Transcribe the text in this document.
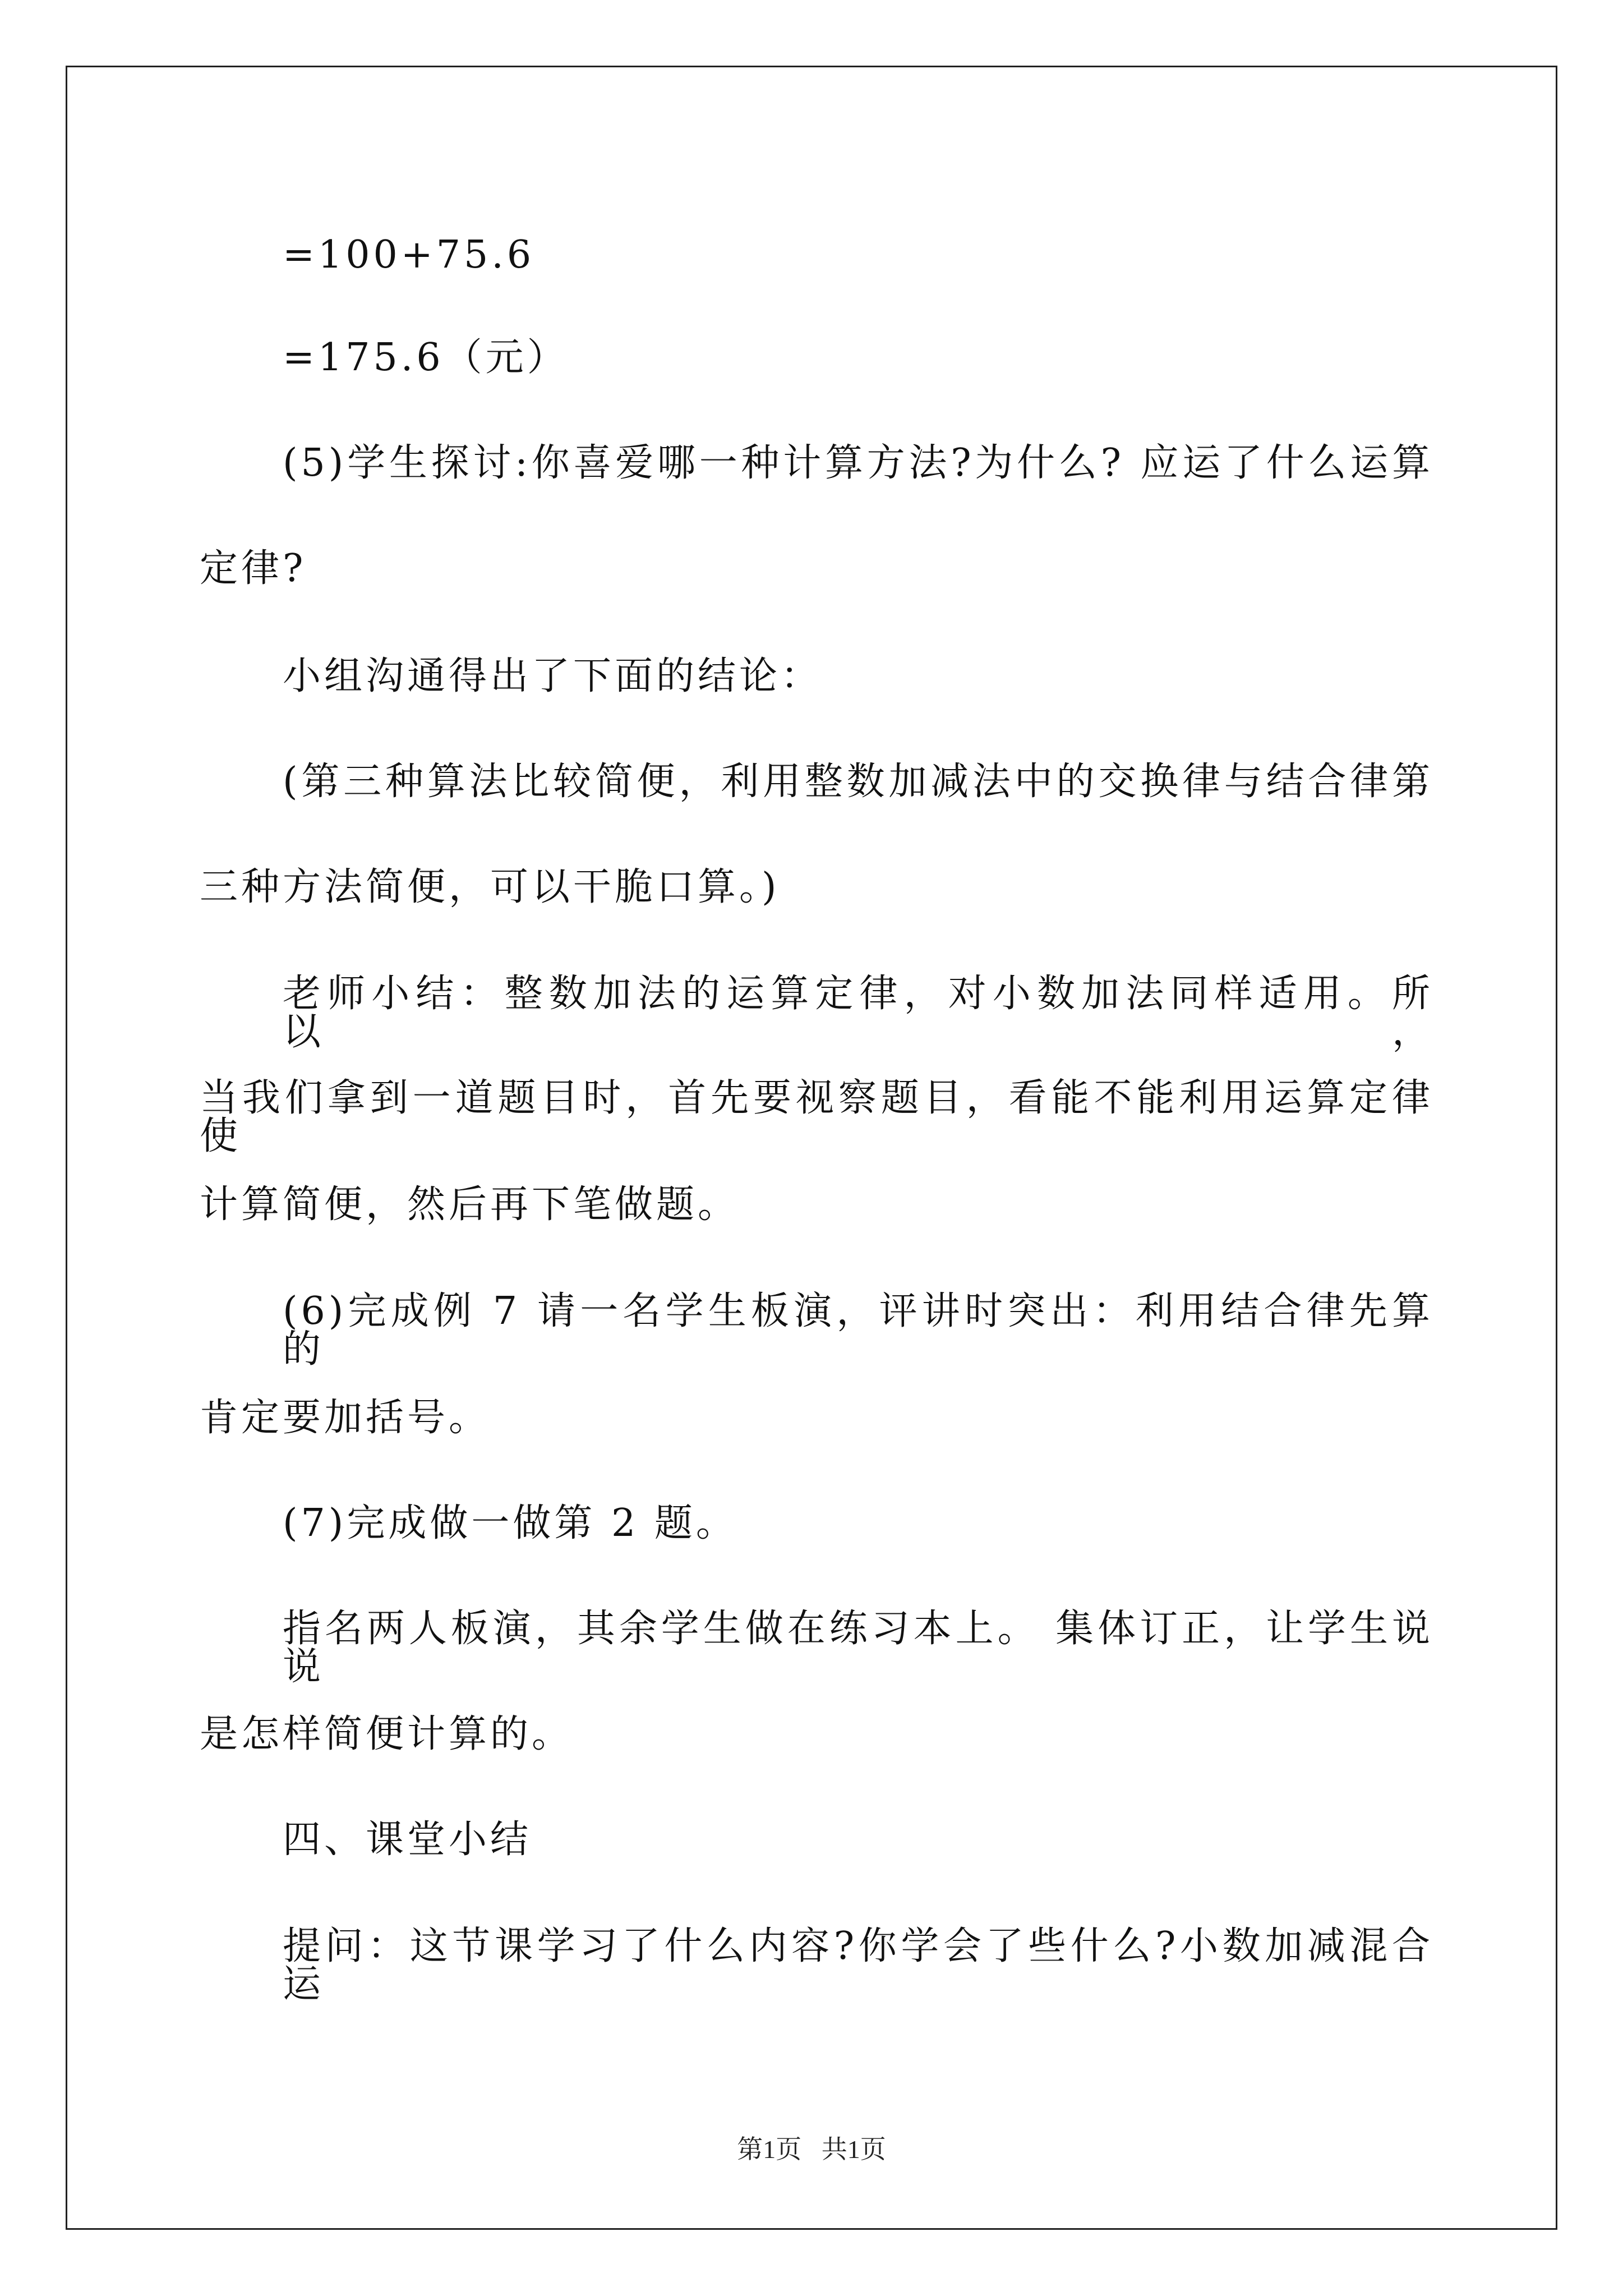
=100+75.6
=175.6（元）
(5)学生探讨:你喜爱哪一种计算方法?为什么? 应运了什么运算
定律?
小组沟通得出了下面的结论：
(第三种算法比较简便，利用整数加减法中的交换律与结合律第
三种方法简便，可以干脆口算。)
老师小结：整数加法的运算定律，对小数加法同样适用。所以，
当我们拿到一道题目时，首先要视察题目，看能不能利用运算定律使
计算简便，然后再下笔做题。
(6)完成例 7 请一名学生板演，评讲时突出：利用结合律先算的
肯定要加括号。
(7)完成做一做第 2 题。
指名两人板演，其余学生做在练习本上。 集体订正，让学生说说
是怎样简便计算的。
四、课堂小结
提问：这节课学习了什么内容?你学会了些什么?小数加减混合运
第1页 共1页
